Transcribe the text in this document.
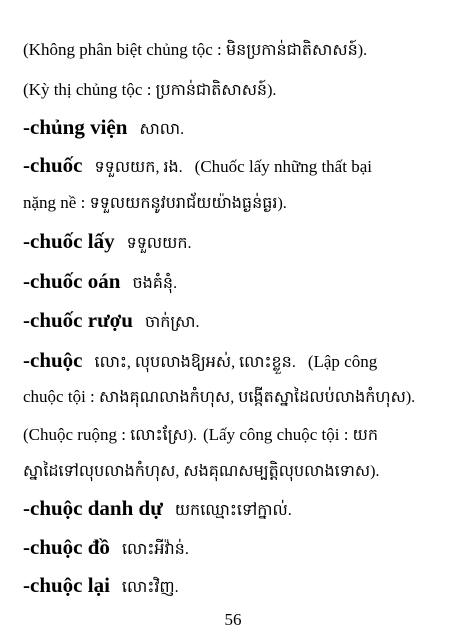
(Không phân biệt chủng tộc : មិនប្រកាន់ជាតិសាសន៍).
(Kỳ thị chủng tộc : ប្រកាន់ជាតិសាសន៍).
-chủng viện សាលា.
-chuốc ទទួលយក, រង. (Chuốc lấy những thất bại
nặng nề : ទទួលយកនូវបរាជ័យយ៉ាងធ្ងន់ធ្ងរ).
-chuốc lấy ទទួលយក.
-chuốc oán ចងគំនុំ.
-chuốc rượu ចាក់ស្រា.
-chuộc លោះ, លុបលាងឱ្យអស់, លោះខ្លួន. (Lập công
chuộc tội : សាងគុណលាងកំហុស, បង្កើតស្នាដៃលប់លាងកំហុស).
(Chuộc ruộng : លោះស្រែ). (Lấy công chuộc tội : យក
ស្នាដៃទៅលុបលាងកំហុស, សងគុណសម្បត្តិលុបលាងទោស).
-chuộc danh dự យកឈ្មោះទៅក្នាល់.
-chuộc đồ លោះអីវ៉ាន់.
-chuộc lại លោះវិញ.
56
